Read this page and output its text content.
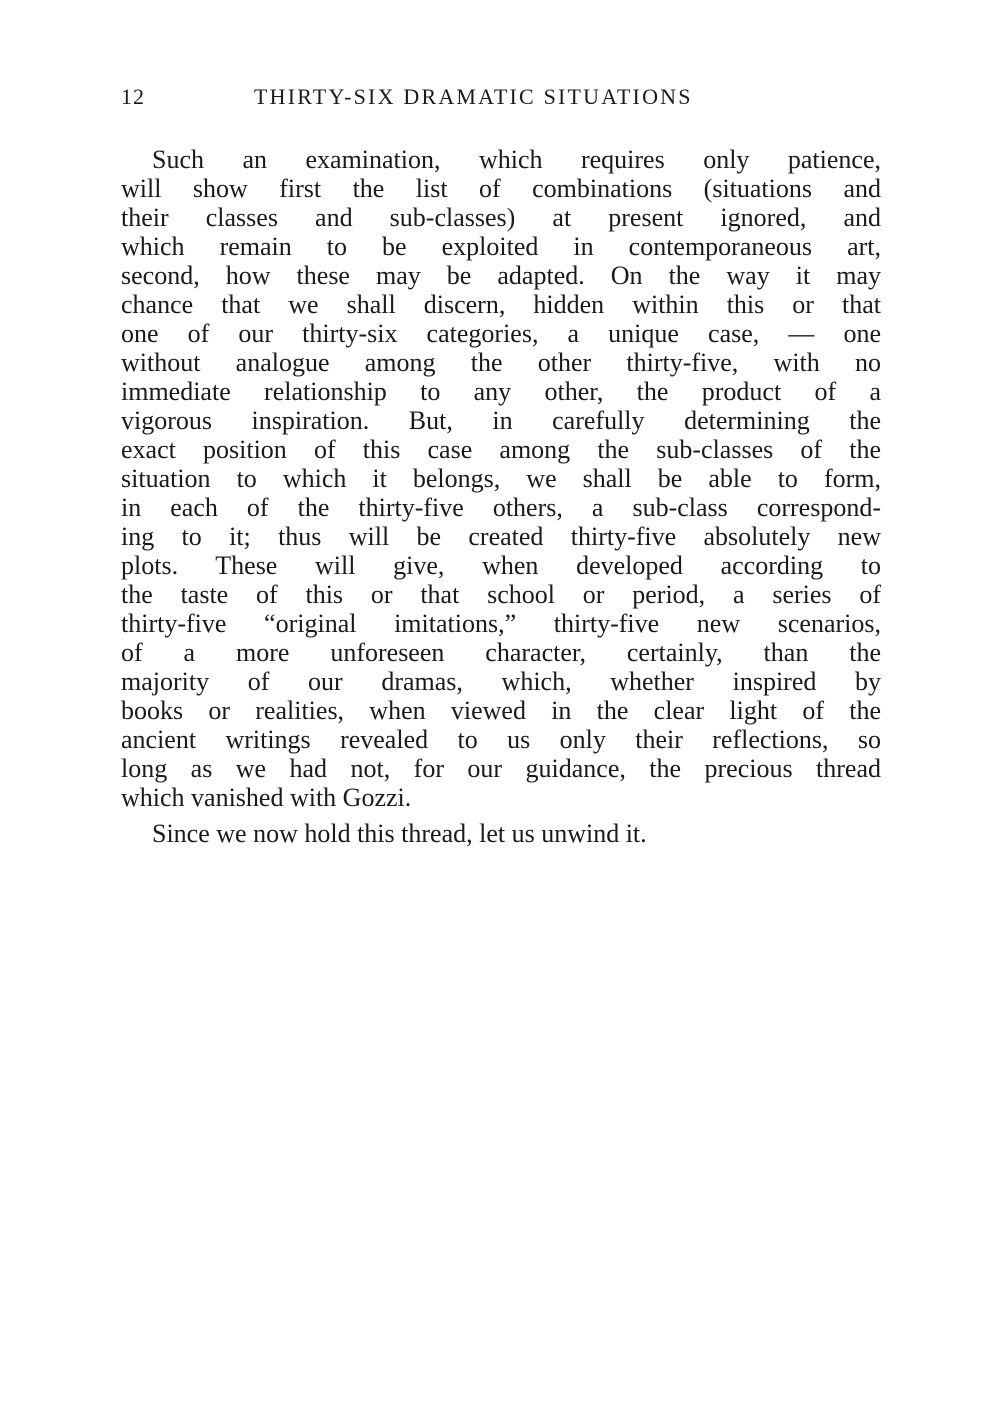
12	THIRTY-SIX DRAMATIC SITUATIONS
Such an examination, which requires only patience,
will show first the list of combinations (situations and
their classes and sub-classes) at present ignored, and
which remain to be exploited in contemporaneous art,
second, how these may be adapted. On the way it may
chance that we shall discern, hidden within this or that
one of our thirty-six categories, a unique case, — one
without analogue among the other thirty-five, with no
immediate relationship to any other, the product of a
vigorous inspiration. But, in carefully determining the
exact position of this case among the sub-classes of the
situation to which it belongs, we shall be able to form,
in each of the thirty-five others, a sub-class correspond-
ing to it; thus will be created thirty-five absolutely new
plots. These will give, when developed according to
the taste of this or that school or period, a series of
thirty-five “original imitations,” thirty-five new scenarios,
of a more unforeseen character, certainly, than the
majority of our dramas, which, whether inspired by
books or realities, when viewed in the clear light of the
ancient writings revealed to us only their reflections, so
long as we had not, for our guidance, the precious thread
which vanished with Gozzi.
Since we now hold this thread, let us unwind it.
